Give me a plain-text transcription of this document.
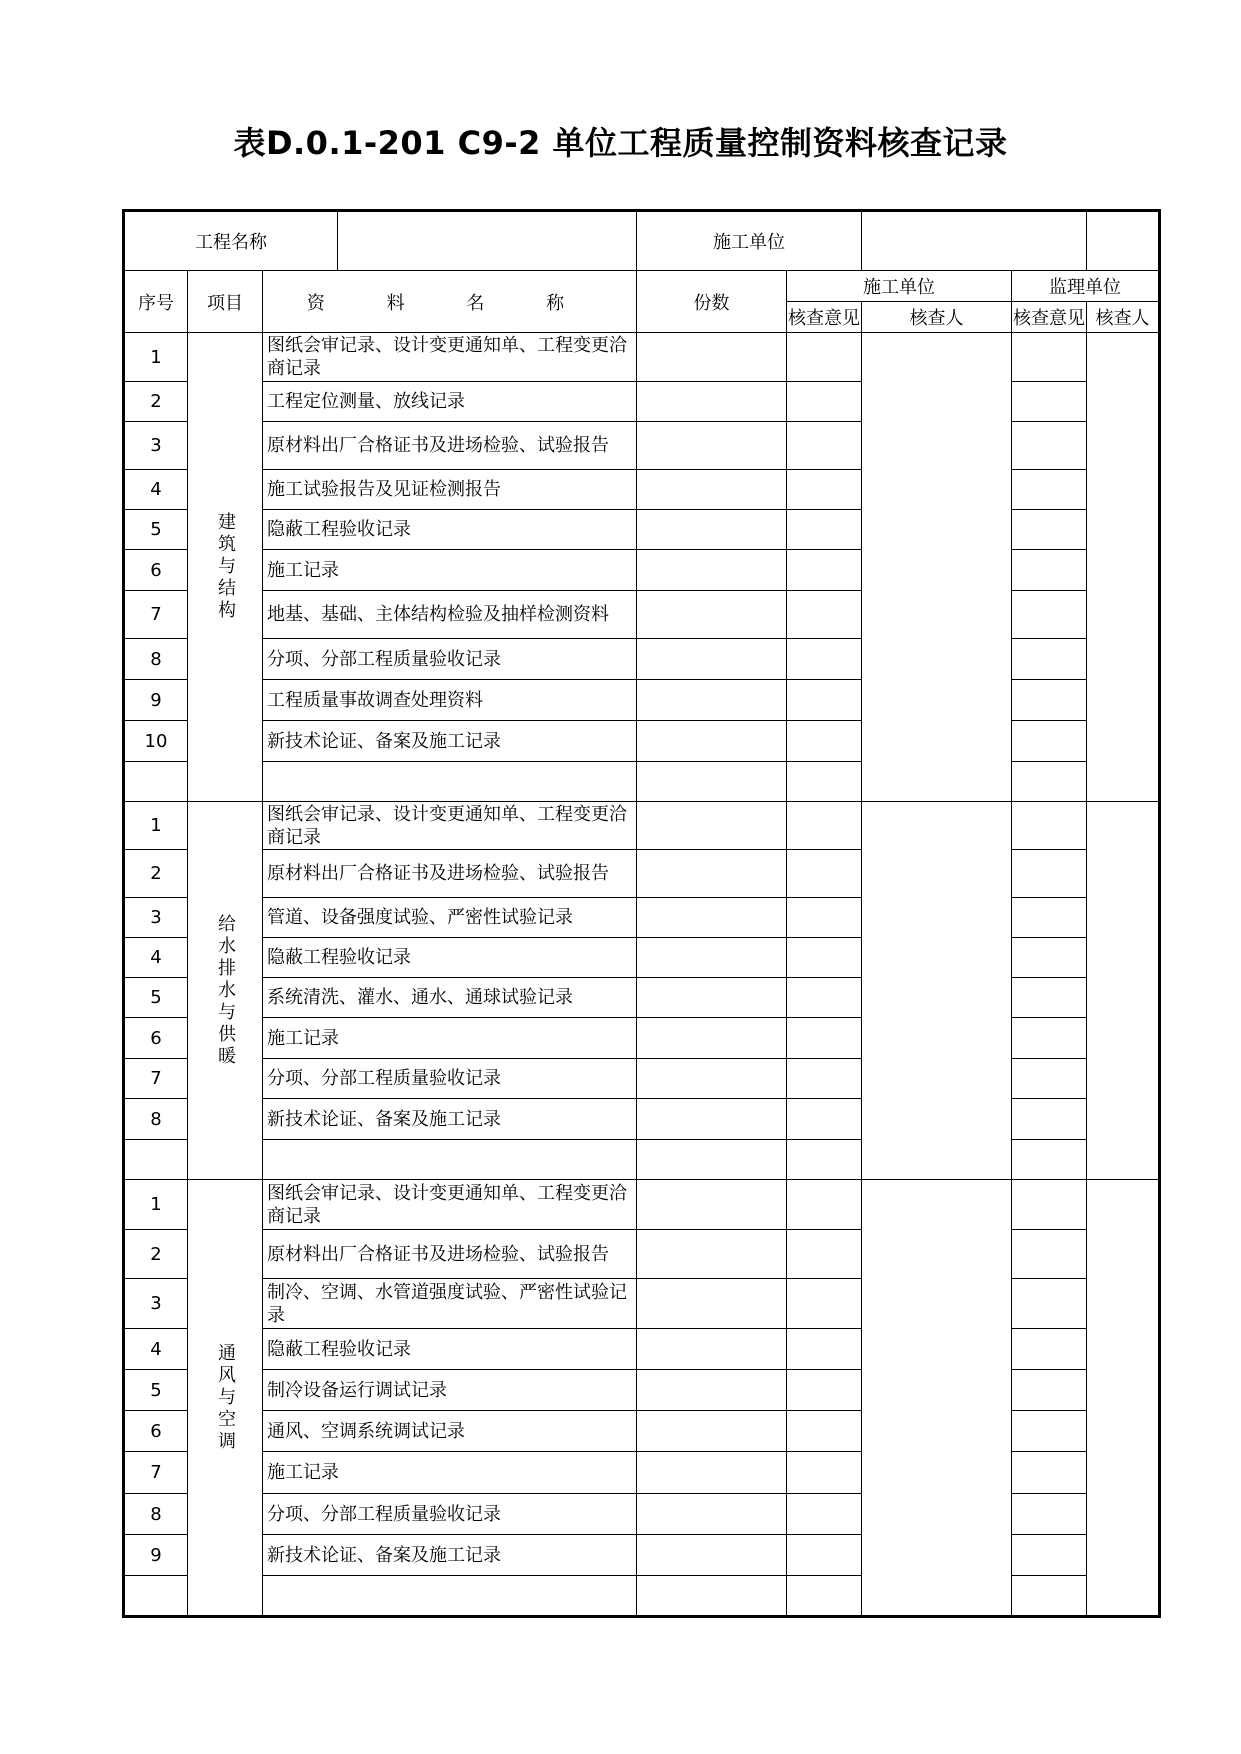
表D.0.1-201 C9-2 单位工程质量控制资料核查记录
工程名称				施工单位				
序号	项目	资 料 名 称		份数	施工单位		监理单位	
					核查意见	核查人	核查意见	核查人
1	建筑与结构	图纸会审记录、设计变更通知单、工程变更洽商记录						
2		工程定位测量、放线记录						
3		原材料出厂合格证书及进场检验、试验报告						
4		施工试验报告及见证检测报告						
5		隐蔽工程验收记录						
6		施工记录						
7		地基、基础、主体结构检验及抽样检测资料						
8		分项、分部工程质量验收记录						
9		工程质量事故调查处理资料						
10		新技术论证、备案及施工记录						

1	给水排水与供暖	图纸会审记录、设计变更通知单、工程变更洽商记录						
2		原材料出厂合格证书及进场检验、试验报告						
3		管道、设备强度试验、严密性试验记录						
4		隐蔽工程验收记录						
5		系统清洗、灌水、通水、通球试验记录						
6		施工记录						
7		分项、分部工程质量验收记录						
8		新技术论证、备案及施工记录						

1	通风与空调	图纸会审记录、设计变更通知单、工程变更洽商记录						
2		原材料出厂合格证书及进场检验、试验报告						
3		制冷、空调、水管道强度试验、严密性试验记录						
4		隐蔽工程验收记录						
5		制冷设备运行调试记录						
6		通风、空调系统调试记录						
7		施工记录						
8		分项、分部工程质量验收记录						
9		新技术论证、备案及施工记录						
